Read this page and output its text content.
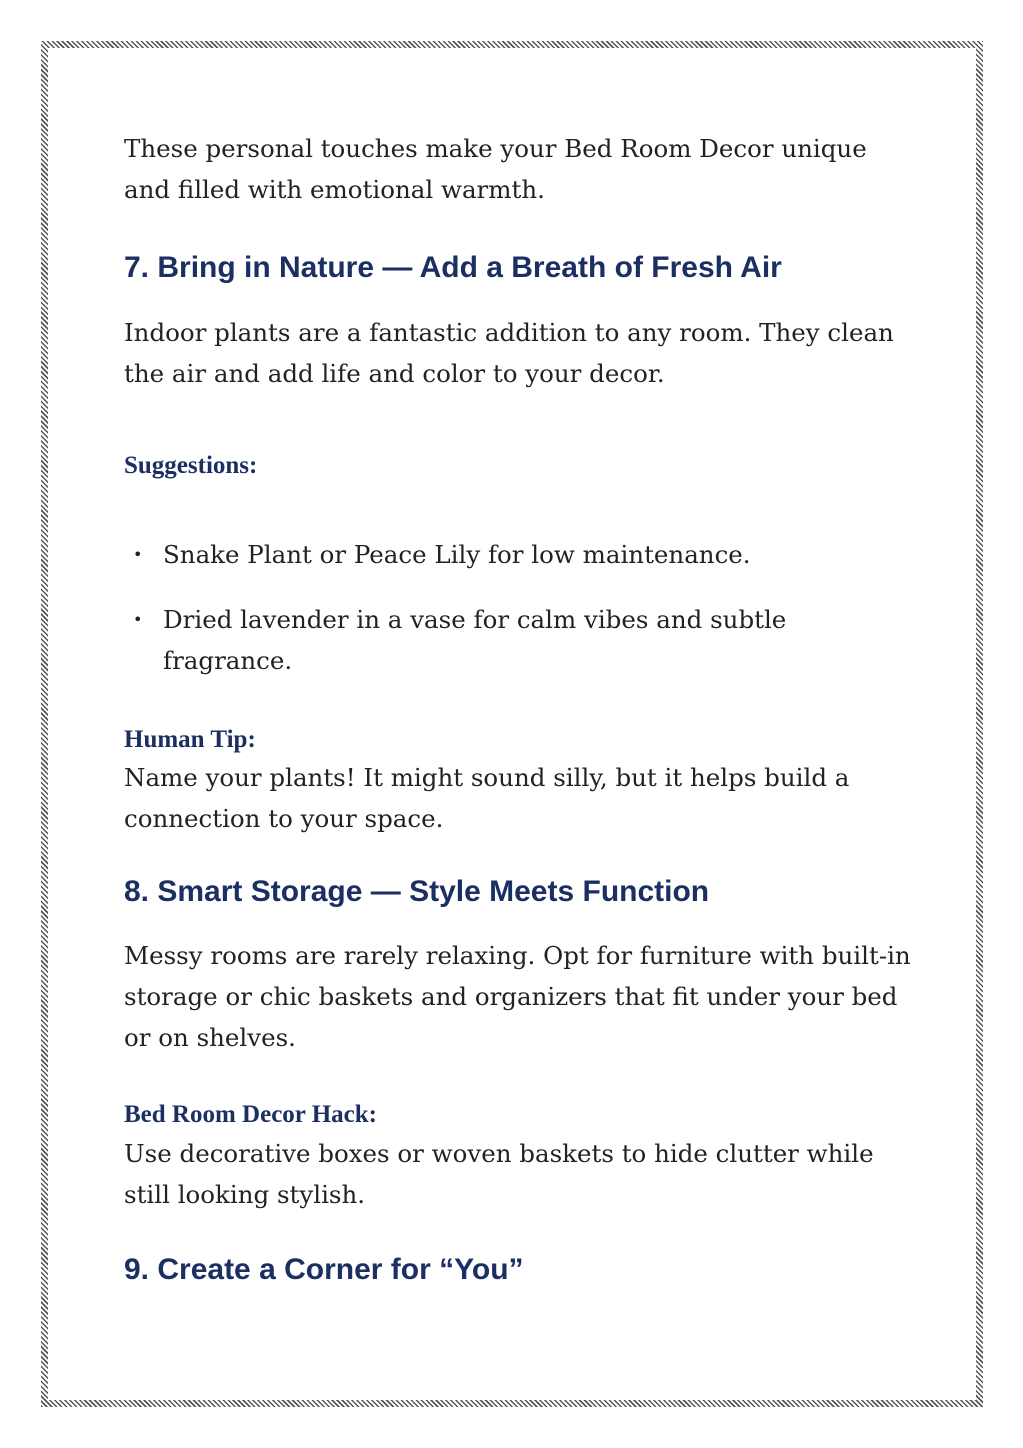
These personal touches make your Bed Room Decor unique and filled with emotional warmth.

7. Bring in Nature — Add a Breath of Fresh Air

Indoor plants are a fantastic addition to any room. They clean the air and add life and color to your decor.

Suggestions:
• Snake Plant or Peace Lily for low maintenance.
• Dried lavender in a vase for calm vibes and subtle fragrance.
Human Tip:

Name your plants! It might sound silly, but it helps build a connection to your space.

8. Smart Storage — Style Meets Function

Messy rooms are rarely relaxing. Opt for furniture with built-in storage or chic baskets and organizers that fit under your bed or on shelves.

Bed Room Decor Hack:

Use decorative boxes or woven baskets to hide clutter while still looking stylish.

9. Create a Corner for “You”
